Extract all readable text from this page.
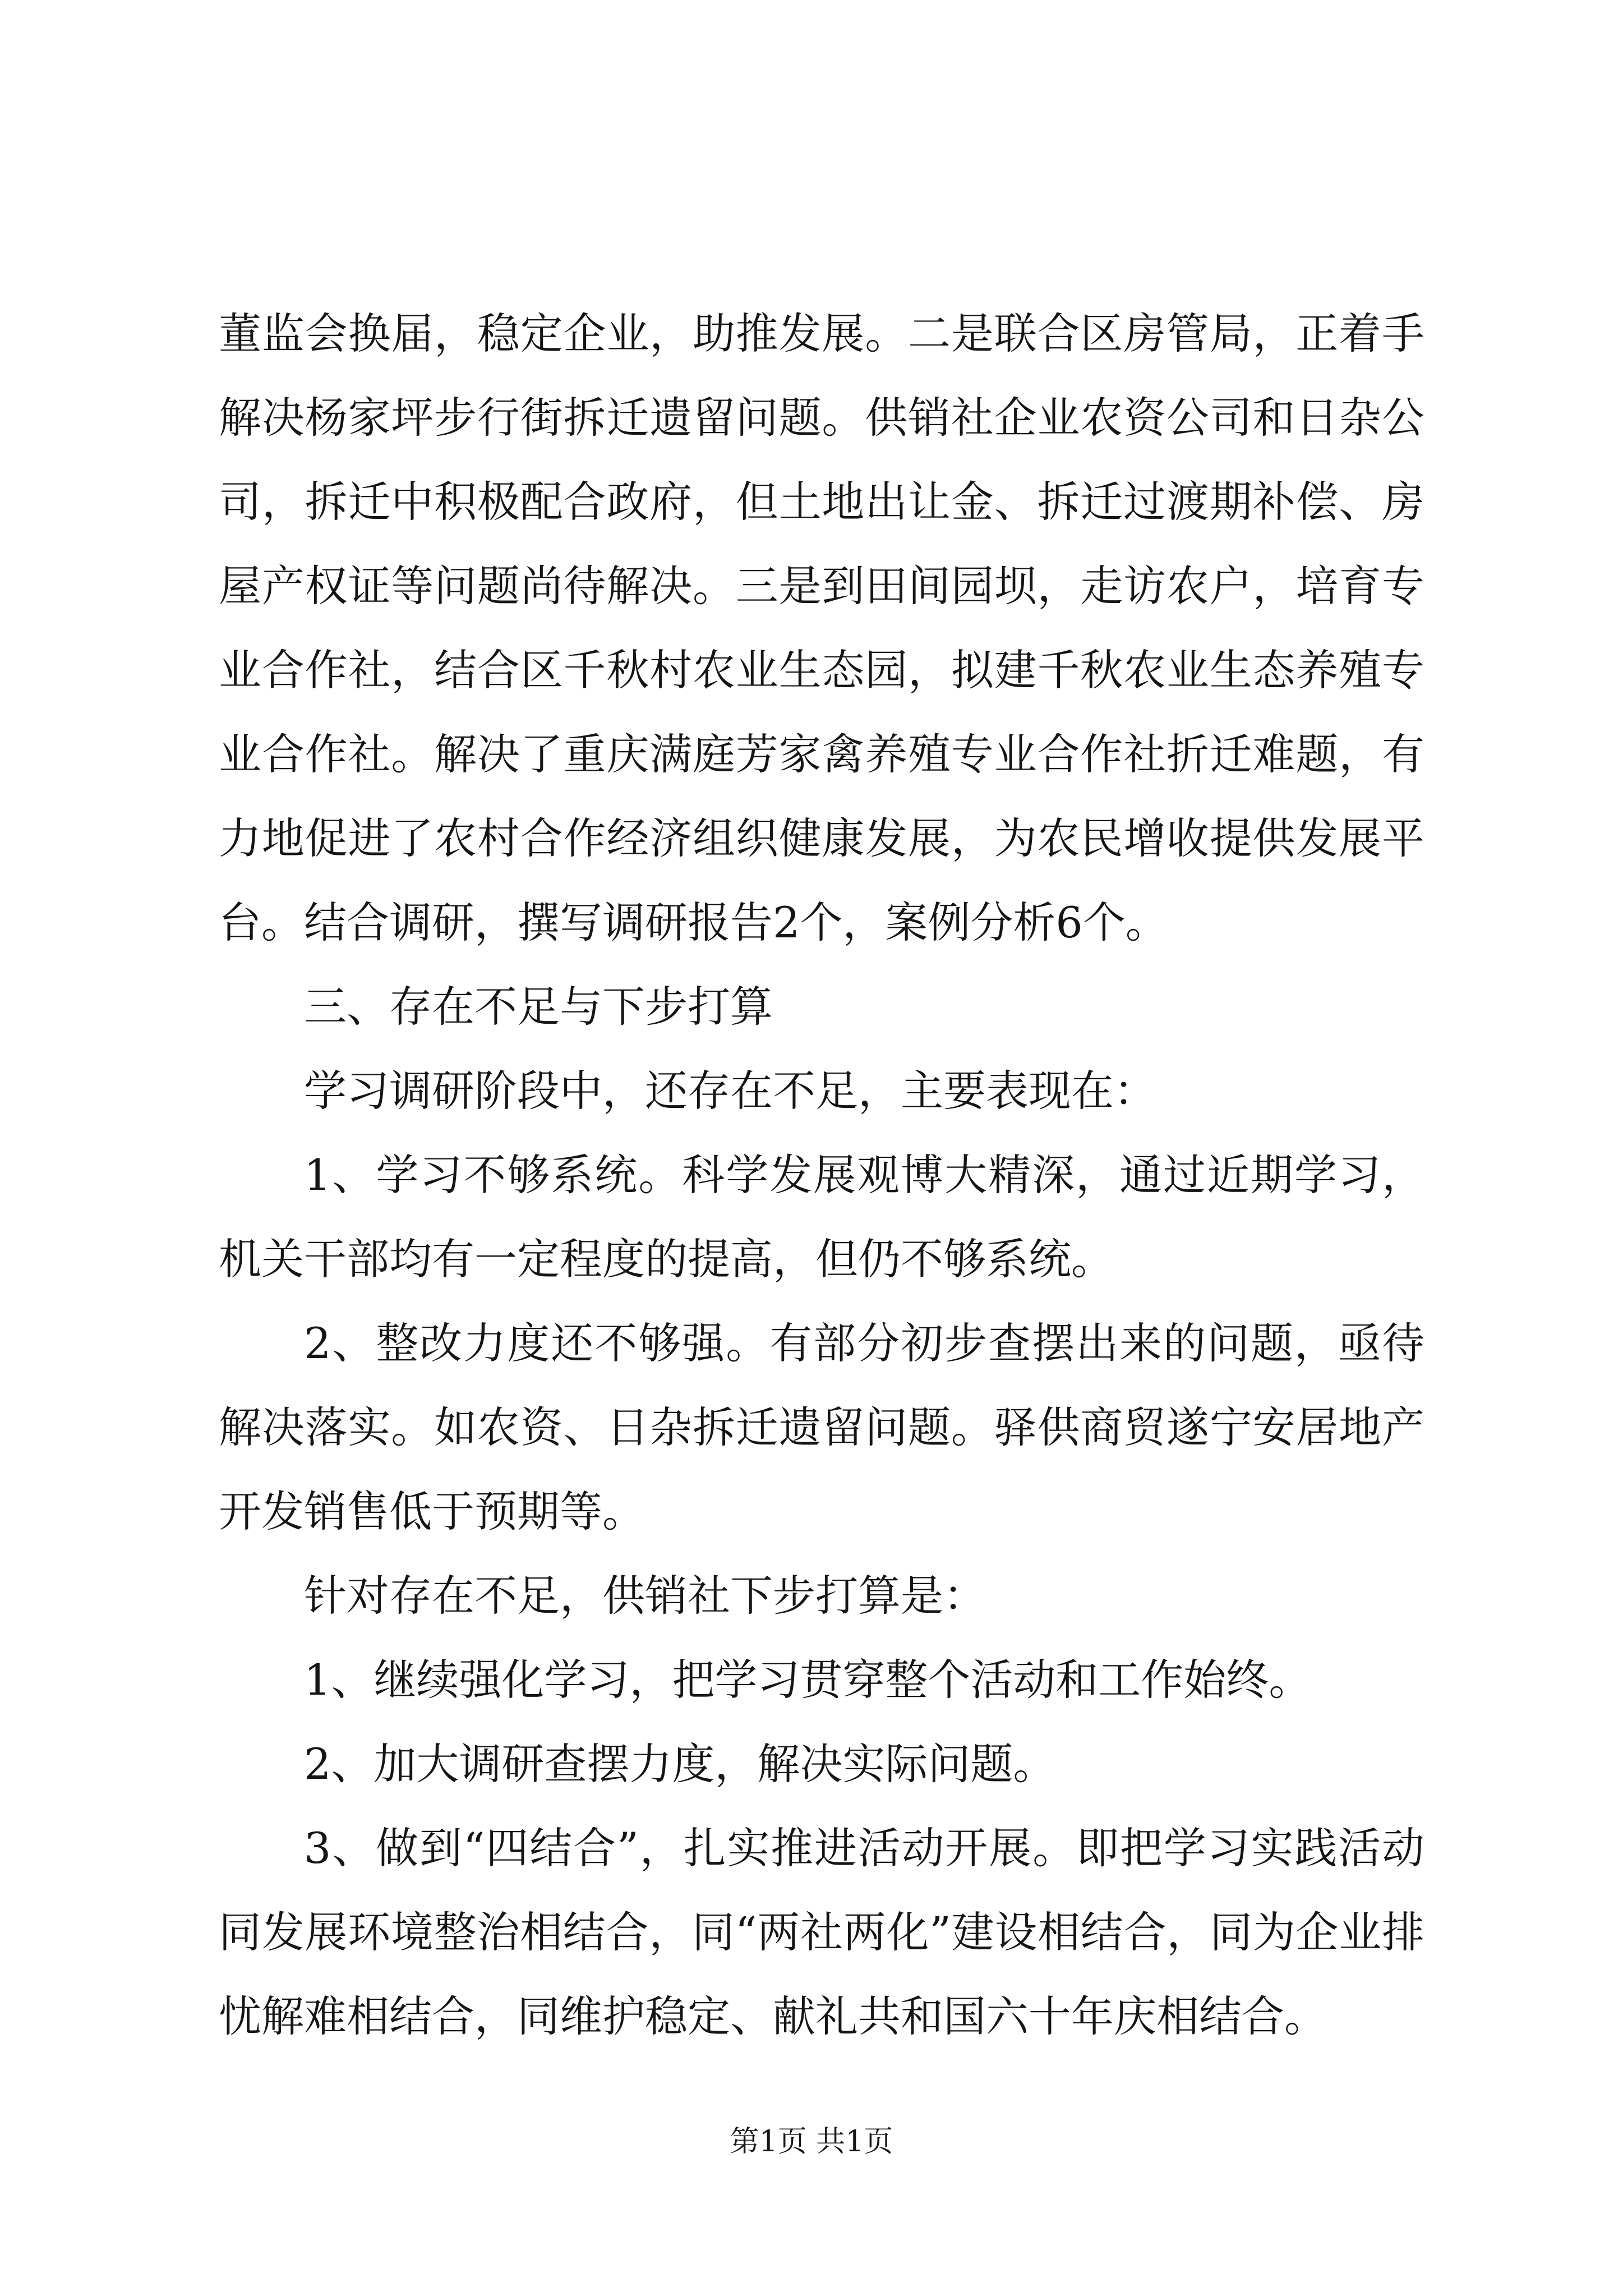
董监会换届，稳定企业，助推发展。二是联合区房管局，正着手解决杨家坪步行街拆迁遗留问题。供销社企业农资公司和日杂公司，拆迁中积极配合政府，但土地出让金、拆迁过渡期补偿、房屋产权证等问题尚待解决。三是到田间园坝，走访农户，培育专业合作社，结合区千秋村农业生态园，拟建千秋农业生态养殖专业合作社。解决了重庆满庭芳家禽养殖专业合作社折迁难题，有力地促进了农村合作经济组织健康发展，为农民增收提供发展平台。结合调研，撰写调研报告2个，案例分析6个。

三、存在不足与下步打算

学习调研阶段中，还存在不足，主要表现在：

1、学习不够系统。科学发展观博大精深，通过近期学习，机关干部均有一定程度的提高，但仍不够系统。

2、整改力度还不够强。有部分初步查摆出来的问题，亟待解决落实。如农资、日杂拆迁遗留问题。驿供商贸遂宁安居地产开发销售低于预期等。

针对存在不足，供销社下步打算是：

1、继续强化学习，把学习贯穿整个活动和工作始终。

2、加大调研查摆力度，解决实际问题。

3、做到“四结合”，扎实推进活动开展。即把学习实践活动同发展环境整治相结合，同“两社两化”建设相结合，同为企业排忧解难相结合，同维护稳定、献礼共和国六十年庆相结合。

第1页 共1页
